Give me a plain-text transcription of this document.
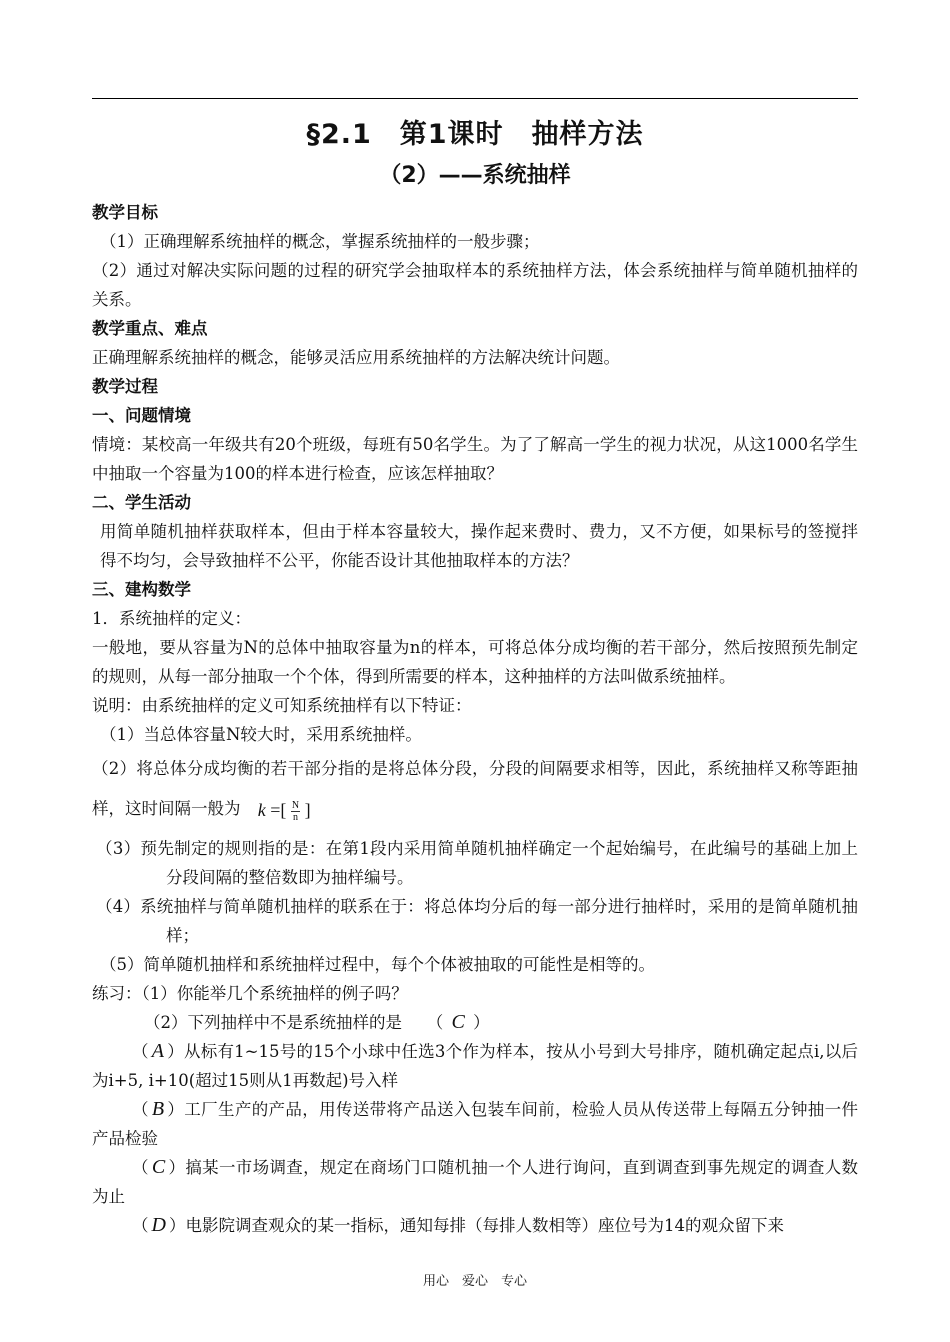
§2.1　第1课时　抽样方法
（2）——系统抽样

教学目标

（1）正确理解系统抽样的概念，掌握系统抽样的一般步骤；

（2）通过对解决实际问题的过程的研究学会抽取样本的系统抽样方法，体会系统抽样与简单随机抽样的关系。

教学重点、难点

正确理解系统抽样的概念，能够灵活应用系统抽样的方法解决统计问题。

教学过程

一、问题情境

情境：某校高一年级共有20个班级，每班有50名学生。为了了解高一学生的视力状况，从这1000名学生中抽取一个容量为100的样本进行检查，应该怎样抽取？

二、学生活动

用简单随机抽样获取样本，但由于样本容量较大，操作起来费时、费力，又不方便，如果标号的签搅拌得不均匀，会导致抽样不公平，你能否设计其他抽取样本的方法？

三、建构数学

1．系统抽样的定义：

一般地，要从容量为N的总体中抽取容量为n的样本，可将总体分成均衡的若干部分，然后按照预先制定的规则，从每一部分抽取一个个体，得到所需要的样本，这种抽样的方法叫做系统抽样。

说明：由系统抽样的定义可知系统抽样有以下特证：

（1）当总体容量N较大时，采用系统抽样。

（2）将总体分成均衡的若干部分指的是将总体分段，分段的间隔要求相等，因此，系统抽样又称等距抽样，这时间隔一般为 k =[ $\frac{N}{n}$ ]

（3）预先制定的规则指的是：在第1段内采用简单随机抽样确定一个起始编号，在此编号的基础上加上分段间隔的整倍数即为抽样编号。

（4）系统抽样与简单随机抽样的联系在于：将总体均分后的每一部分进行抽样时，采用的是简单随机抽样；

（5）简单随机抽样和系统抽样过程中，每个个体被抽取的可能性是相等的。

练习：（1）你能举几个系统抽样的例子吗？

（2）下列抽样中不是系统抽样的是　　（ C ）

（ A ）从标有1~15号的15个小球中任选3个作为样本，按从小号到大号排序，随机确定起点i,以后为i+5, i+10(超过15则从1再数起)号入样

（ B ）工厂生产的产品，用传送带将产品送入包装车间前，检验人员从传送带上每隔五分钟抽一件产品检验

（ C ）搞某一市场调查，规定在商场门口随机抽一个人进行询问，直到调查到事先规定的调查人数为止

（ D ）电影院调查观众的某一指标，通知每排（每排人数相等）座位号为14的观众留下来

用心　爱心　专心
